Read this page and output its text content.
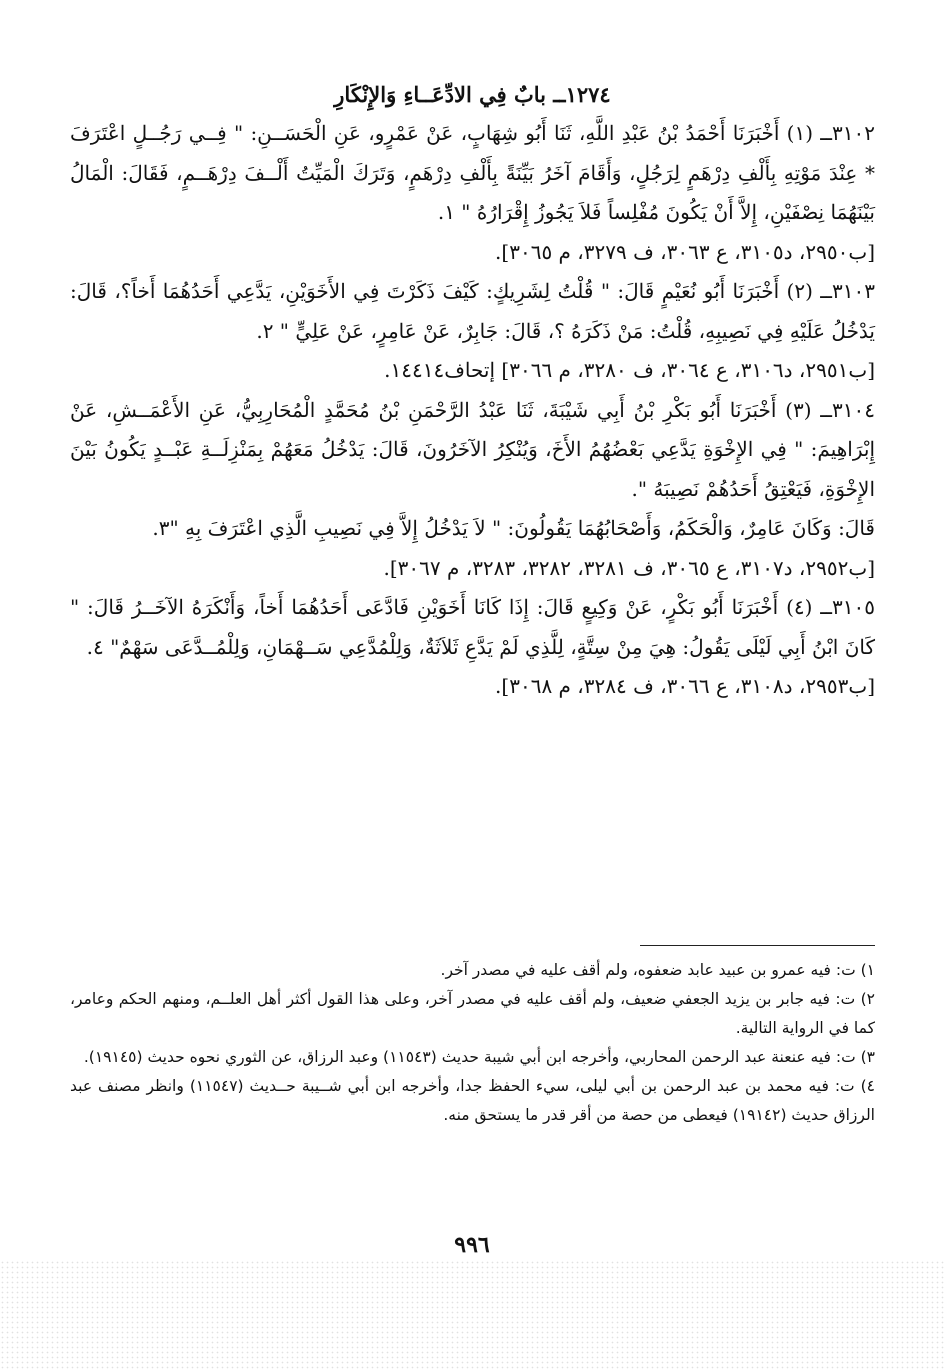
١٢٧٤ــ بابٌ فِي الادِّعَــاءِ وَالإِنْكَارِ

٣١٠٢ــ (١) أَخْبَرَنَا أَحْمَدُ بْنُ عَبْدِ اللَّهِ، ثَنَا أَبُو شِهَابٍ، عَنْ عَمْرٍو، عَنِ الْحَسَــنِ: " فِــي رَجُــلٍ اعْتَرَفَ * عِنْدَ مَوْتِهِ بِأَلْفِ دِرْهَمٍ لِرَجُلٍ، وَأَقَامَ آخَرُ بَيِّنَةً بِأَلْفِ دِرْهَمٍ، وَتَرَكَ الْمَيِّتُ أَلْــفَ دِرْهَــمٍ، فَقَالَ: الْمَالُ بَيْنَهُمَا نِصْفَيْنِ، إِلاَّ أَنْ يَكُونَ مُفْلِساً فَلاَ يَجُوزُ إِقْرَارُهُ " ١.

[ب٢٩٥٠، د٣١٠٥، ع ٣٠٦٣، ف ٣٢٧٩، م ٣٠٦٥].

٣١٠٣ــ (٢) أَخْبَرَنَا أَبُو نُعَيْمٍ قَالَ: " قُلْتُ لِشَرِيكٍ: كَيْفَ ذَكَرْتَ فِي الأَخَوَيْنِ، يَدَّعِي أَحَدُهُمَا أَخاً؟، قَالَ: يَدْخُلُ عَلَيْهِ فِي نَصِيبِهِ، قُلْتُ: مَنْ ذَكَرَهُ ؟، قَالَ: جَابِرٌ، عَنْ عَامِرٍ، عَنْ عَلِيٍّ " ٢.

[ب٢٩٥١، د٣١٠٦، ع ٣٠٦٤، ف ٣٢٨٠، م ٣٠٦٦] إتحاف١٤٤١٤.

٣١٠٤ــ (٣) أَخْبَرَنَا أَبُو بَكْرِ بْنُ أَبِي شَيْبَةَ، ثَنَا عَبْدُ الرَّحْمَنِ بْنُ مُحَمَّدٍ الْمُحَارِبِيُّ، عَنِ الأَعْمَــشِ، عَنْ إِبْرَاهِيمَ: " فِي الإِخْوَةِ يَدَّعِي بَعْضُهُمُ الأَخَ، وَيُنْكِرُ الآخَرُونَ، قَالَ: يَدْخُلُ مَعَهُمْ بِمَنْزِلَــةِ عَبْــدٍ يَكُونُ بَيْنَ الإِخْوَةِ، فَيَعْتِقُ أَحَدُهُمْ نَصِيبَهُ ".

قَالَ: وَكَانَ عَامِرٌ، وَالْحَكَمُ، وَأَصْحَابُهُمَا يَقُولُونَ: " لاَ يَدْخُلُ إِلاَّ فِي نَصِيبِ الَّذِي اعْتَرَفَ بِهِ "٣.

[ب٢٩٥٢، د٣١٠٧، ع ٣٠٦٥، ف ٣٢٨١، ٣٢٨٢، ٣٢٨٣، م ٣٠٦٧].

٣١٠٥ــ (٤) أَخْبَرَنَا أَبُو بَكْرٍ، عَنْ وَكِيعٍ قَالَ: إِذَا كَانَا أَخَوَيْنِ فَادَّعَى أَحَدُهُمَا أَخاً، وَأَنْكَرَهُ الآخَــرُ قَالَ: " كَانَ ابْنُ أَبِي لَيْلَى يَقُولُ: هِيَ مِنْ سِتَّةٍ، لِلَّذِي لَمْ يَدَّعِ ثَلاَثَةٌ، وَلِلْمُدَّعِي سَــهْمَانِ، وَلِلْمُــدَّعَى سَهْمٌ" ٤.

[ب٢٩٥٣، د٣١٠٨، ع ٣٠٦٦، ف ٣٢٨٤، م ٣٠٦٨].

١) ت: فيه عمرو بن عبيد عابد ضعفوه، ولم أقف عليه في مصدر آخر.

٢) ت: فيه جابر بن يزيد الجعفي ضعيف، ولم أقف عليه في مصدر آخر، وعلى هذا القول أكثر أهل العلــم، ومنهم الحكم وعامر، كما في الرواية التالية.

٣) ت: فيه عنعنة عبد الرحمن المحاربي، وأخرجه ابن أبي شيبة حديث (١١٥٤٣) وعبد الرزاق، عن الثوري نحوه حديث (١٩١٤٥).

٤) ت: فيه محمد بن عبد الرحمن بن أبي ليلى، سيء الحفظ جدا، وأخرجه ابن أبي شــيبة حــديث (١١٥٤٧) وانظر مصنف عبد الرزاق حديث (١٩١٤٢) فيعطى من حصة من أقر قدر ما يستحق منه.

٩٩٦
